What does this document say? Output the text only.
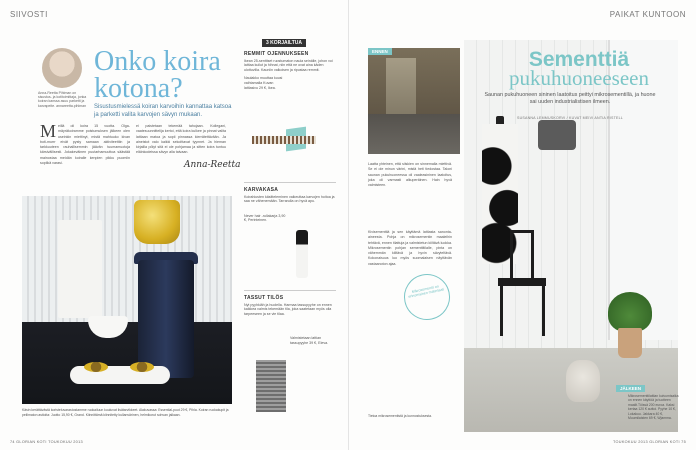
SIIVOSTI
Anna-Reetta Pihlman on sisustus- ja kotitoimittaja, jonka koiran kanssa asuu parketti ja karvapeite. annareetta.pihlman
Onko koira
kotona?
Sisustusmielessä koiran karvoihin kannattaa katsoa ja parketti valita karvojen sävyn mukaan.
M eillä oli koira 15 vuotta. Olga-mäyräkoiramme poistumuksen jälkeen olen useinkin miettinyt, mistä mahtuuko kivan boti-murrr eivät pysty samaan aktiviteettiin ja tarkkuuteen rauhallisemmin jäävän tuumamuotoja kärsivällisesti. Jokakeväinen puutarhamuuttoa säästää mainostaa meidän koiralle kenpien pikku puomiin sopiikä varasi.
ei paistetaan tekemää tahojaan. Kollegani, vaatesuunnittelija kertoi, että koira kulkee ja pinnat valita lattiaan matoa ja sopii pinnassa kierrätettävään. Ja aineistot valo kaikki sekoittavat tyynnet. Ja hieman kirjailla pölyt sitä ei ole pohjamaa ja sitten koira tuntuu eläinkodeissa sävyn alla taivaan.
Anna-Reetta
Käsin kerättävästä koristeluvarastostamme ruokailuun kuuluvat lisätarvikkeet. Alakuvassa: Essential-puut 29 €, Pihla. Koiran ruokakupit ja peilimaton astioita: Juotto 15,90 €, Grand. Kiinnittämä kiinnitetty kullanvärinen, helmikorut sohvan jalkaan.
3 KORJAILTUA
REMMIT OJENNUKSEEN
Ikean 25-senttiset ruostumaton naula seinälle, johon voi laittaa kuilut ja hihnat, niin että ne ovat aina käden ulottuvilla. Kauniin valkoisen ja ripustaa remmit.
Naulakko muuttaa kuusi vaihtamalla Kuvan lattiasivu 29 €, Ikea.
KARVAKASA
Koirahiusten käsitteleminen vaikeuttaa karvojen hoitoa ja saa ne vähenemään. Tarrarulla on hyvä apu.
Never hair -rullakarja 3,90 €, Perinteinen.
TASSUT TILÖS
Nyt pyyhkiäh ja huolella. Harmaa tassupyyhe on ennen kaikkea valmis tekemään tila, joka saatetaan myös olla tarpeeseen ja se vie tilaa.
Valmistetaan lattian tassupyyhe 39 €, Eleva.
74 GLORIAN KOTI TOUKOKUU 2013
PAIKAT KUNTOON
TOUKOKUU 2013 GLORIAN KOTI 75
ENNEN
Laatta yhteinen, että siiskien on sinnemalla miettivä. Se ei ole minun värini, mistä heti tiedostaa. Taloni saunan pukuhuoneessa oli vaaleasininen laatoitus, joka oli varmasti alkuperäinen. Hain hyvä valmisteen.
Kivisementtiä ja sen käyttämä lattiasta sanonta-aineesta. Pohja on mikrosementin maaleihin tehtävä, ennen tilattuja ja valmistetun kiiltävä luokka. Mikrosementin pohjan sementtitilalle, pinta on vähemmän kiiltävä ja hyvin sävyteltävä. Kokonaisuus luo myös suomalaisen näyttävän vastaanoton ajaa.
Mikrosementti on erinomainen materiaali
Tietoa mikrosementistä ja kunnostuksesta.
Sementtiä
pukuhuoneeseen
Saunan pukuhuoneen sininen laatoitus peittyi mikrosementillä, ja huone sai uuden industrialistisen ilmeen.
SUSANNA LEMMUSKORVI / KUVAT MEIVI ANTIA RISTELL
JÄLKEEN
Mikrosementtilattian kuivumisaika on ennen käyttöä ja tuotteen maalit.Töissä 200 euroa. Kaksi kertaa 120 € auttoi. Pyyhe 10 €, Lokakuu. Jakkara 40 €, Muumilaisten 69 €, Wjamma.
